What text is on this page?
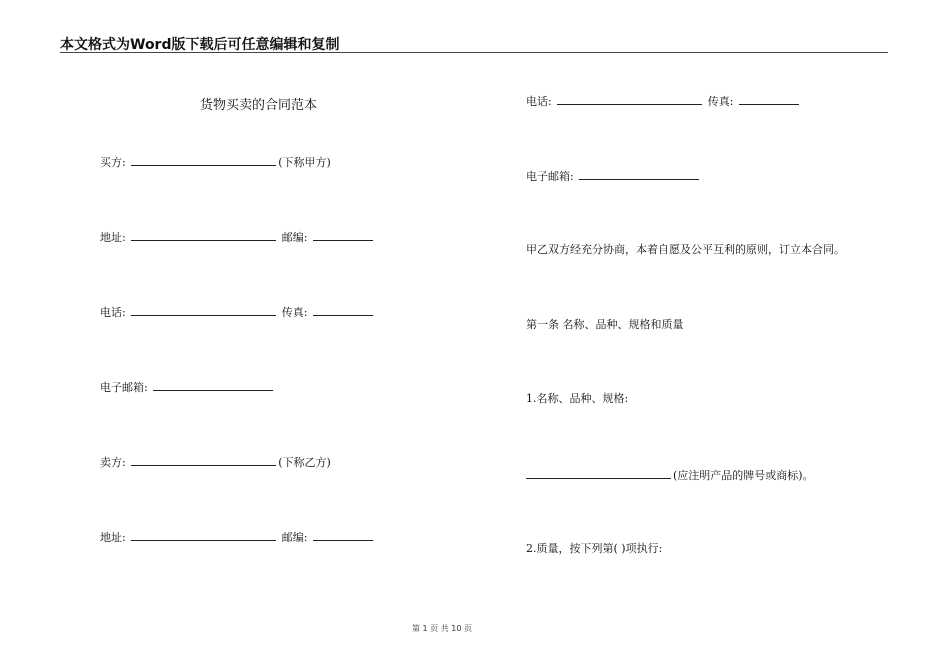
本文格式为Word版下载后可任意编辑和复制
货物买卖的合同范本
买方:	(下称甲方)
地址:	邮编:
电话:	传真:
电子邮箱:
卖方:	(下称乙方)
地址:	邮编:
电话:	传真:
电子邮箱:
甲乙双方经充分协商，本着自愿及公平互利的原则，订立本合同。
第一条 名称、品种、规格和质量
1.名称、品种、规格:
(应注明产品的牌号或商标)。
2.质量，按下列第( )项执行:
第 1 页 共 10 页
